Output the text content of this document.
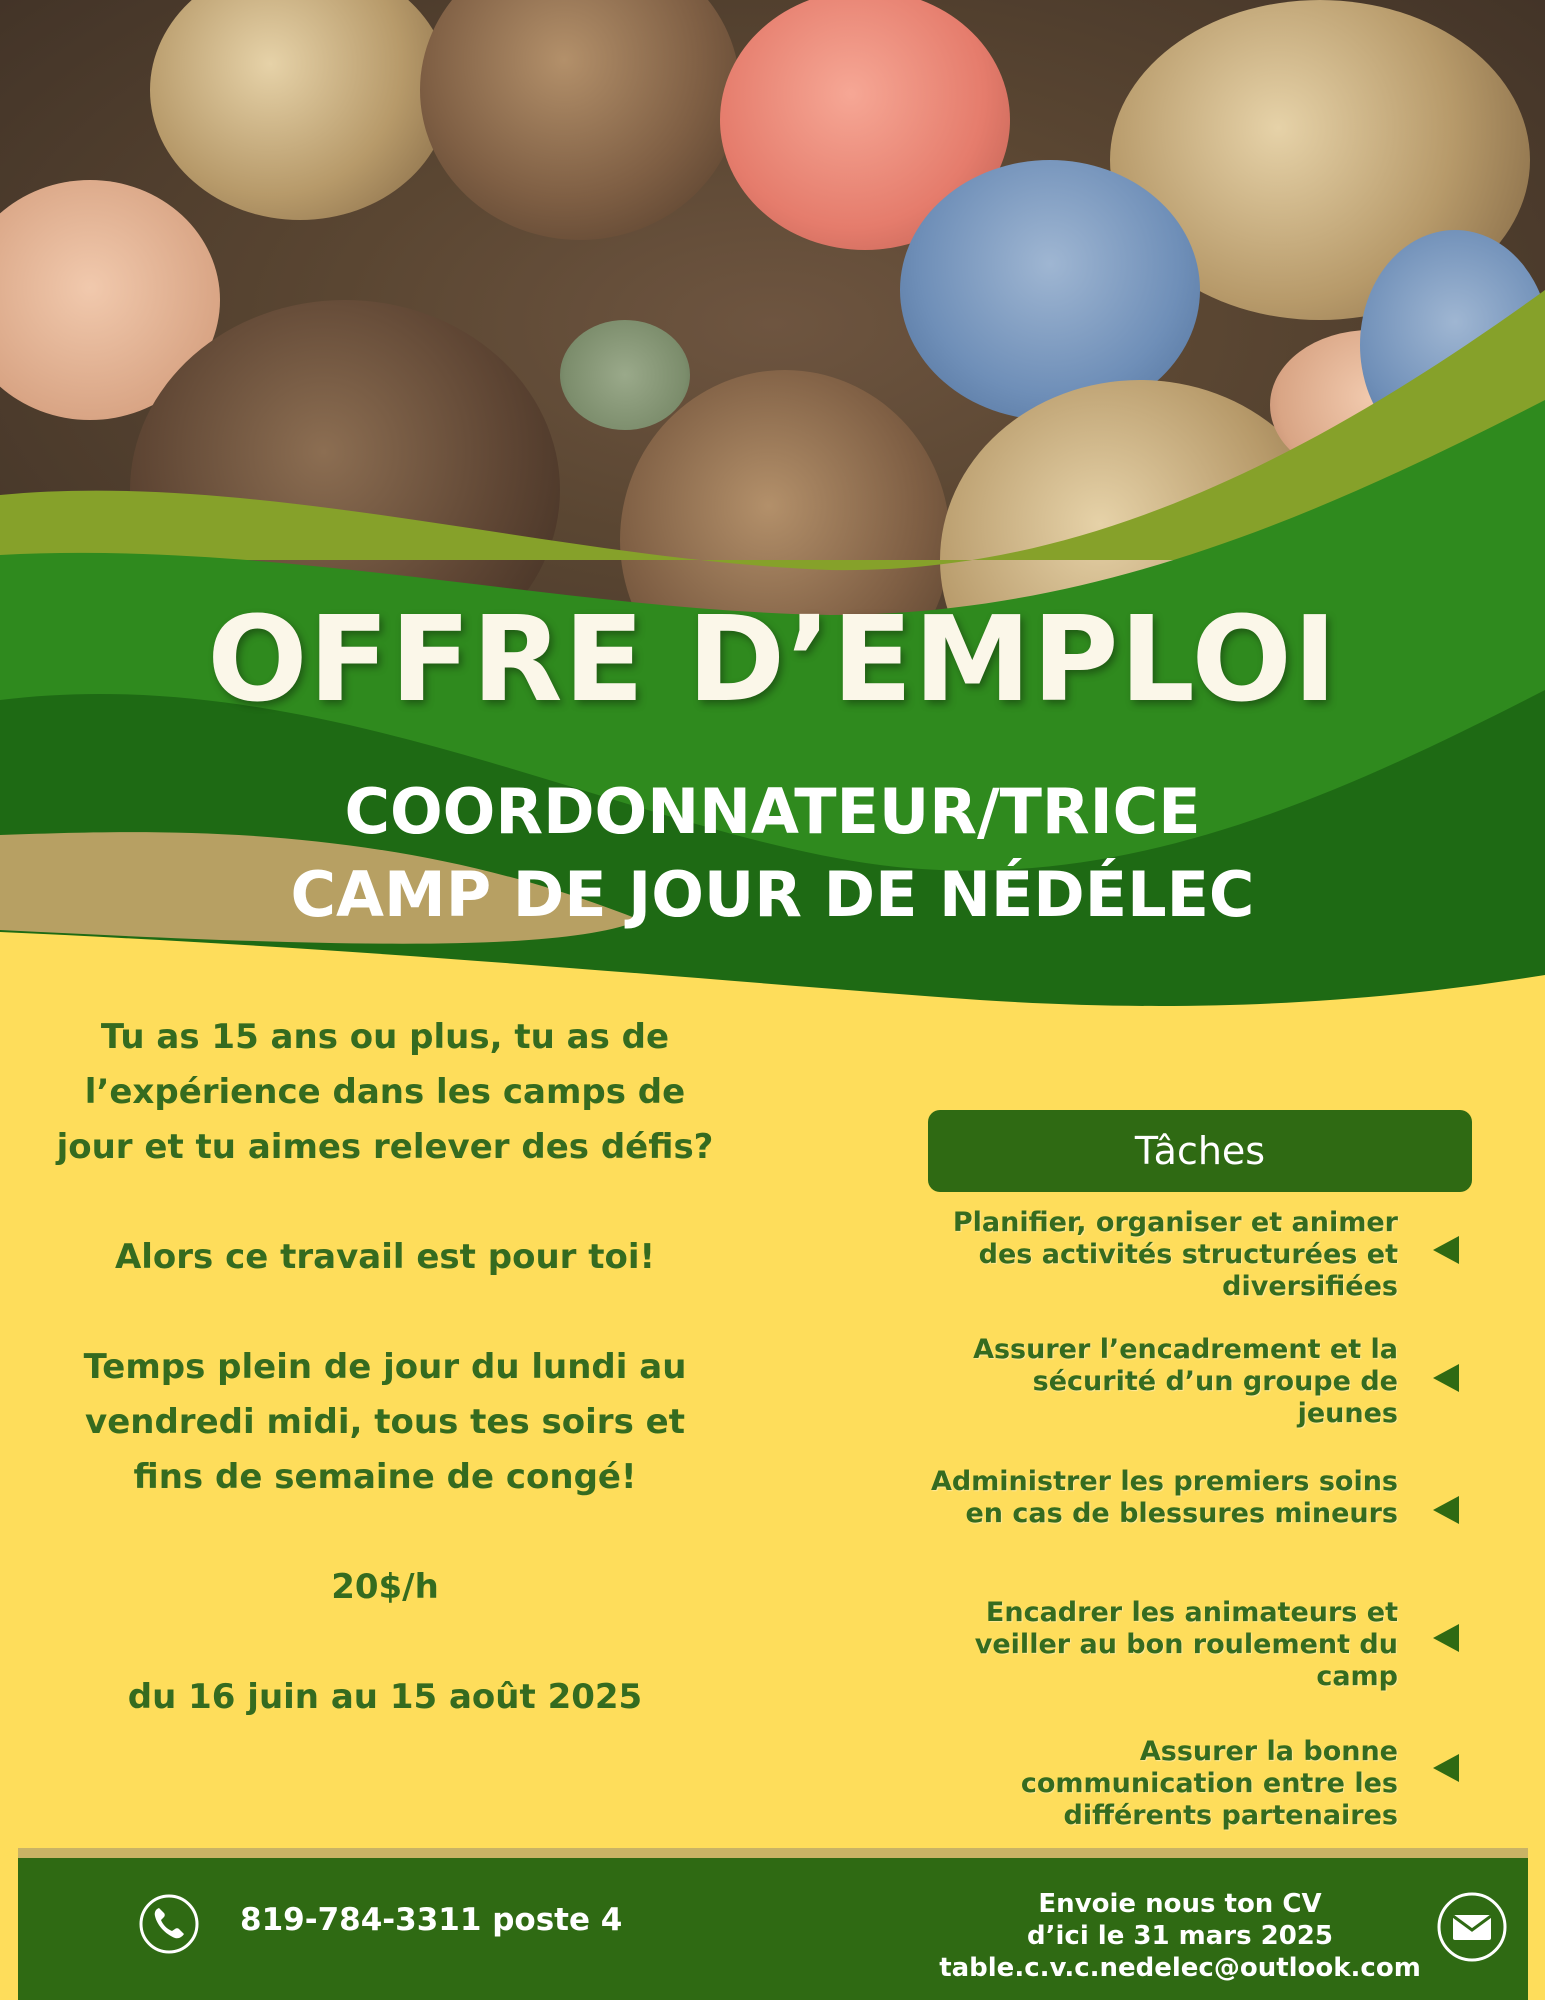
OFFRE D’EMPLOI
COORDONNATEUR/TRICE
CAMP DE JOUR DE NÉDÉLEC

Tu as 15 ans ou plus, tu as de l’expérience dans les camps de jour et tu aimes relever des défis?

Alors ce travail est pour toi!

Temps plein de jour du lundi au vendredi midi, tous tes soirs et fins de semaine de congé!

20$/h

du 16 juin au 15 août 2025

Tâches
Planifier, organiser et animer des activités structurées et diversifiées
Assurer l’encadrement et la sécurité d’un groupe de jeunes
Administrer les premiers soins en cas de blessures mineurs
Encadrer les animateurs et veiller au bon roulement du camp
Assurer la bonne communication entre les différents partenaires
819-784-3311 poste 4	Envoie nous ton CV
d’ici le 31 mars 2025
table.c.v.c.nedelec@outlook.com
